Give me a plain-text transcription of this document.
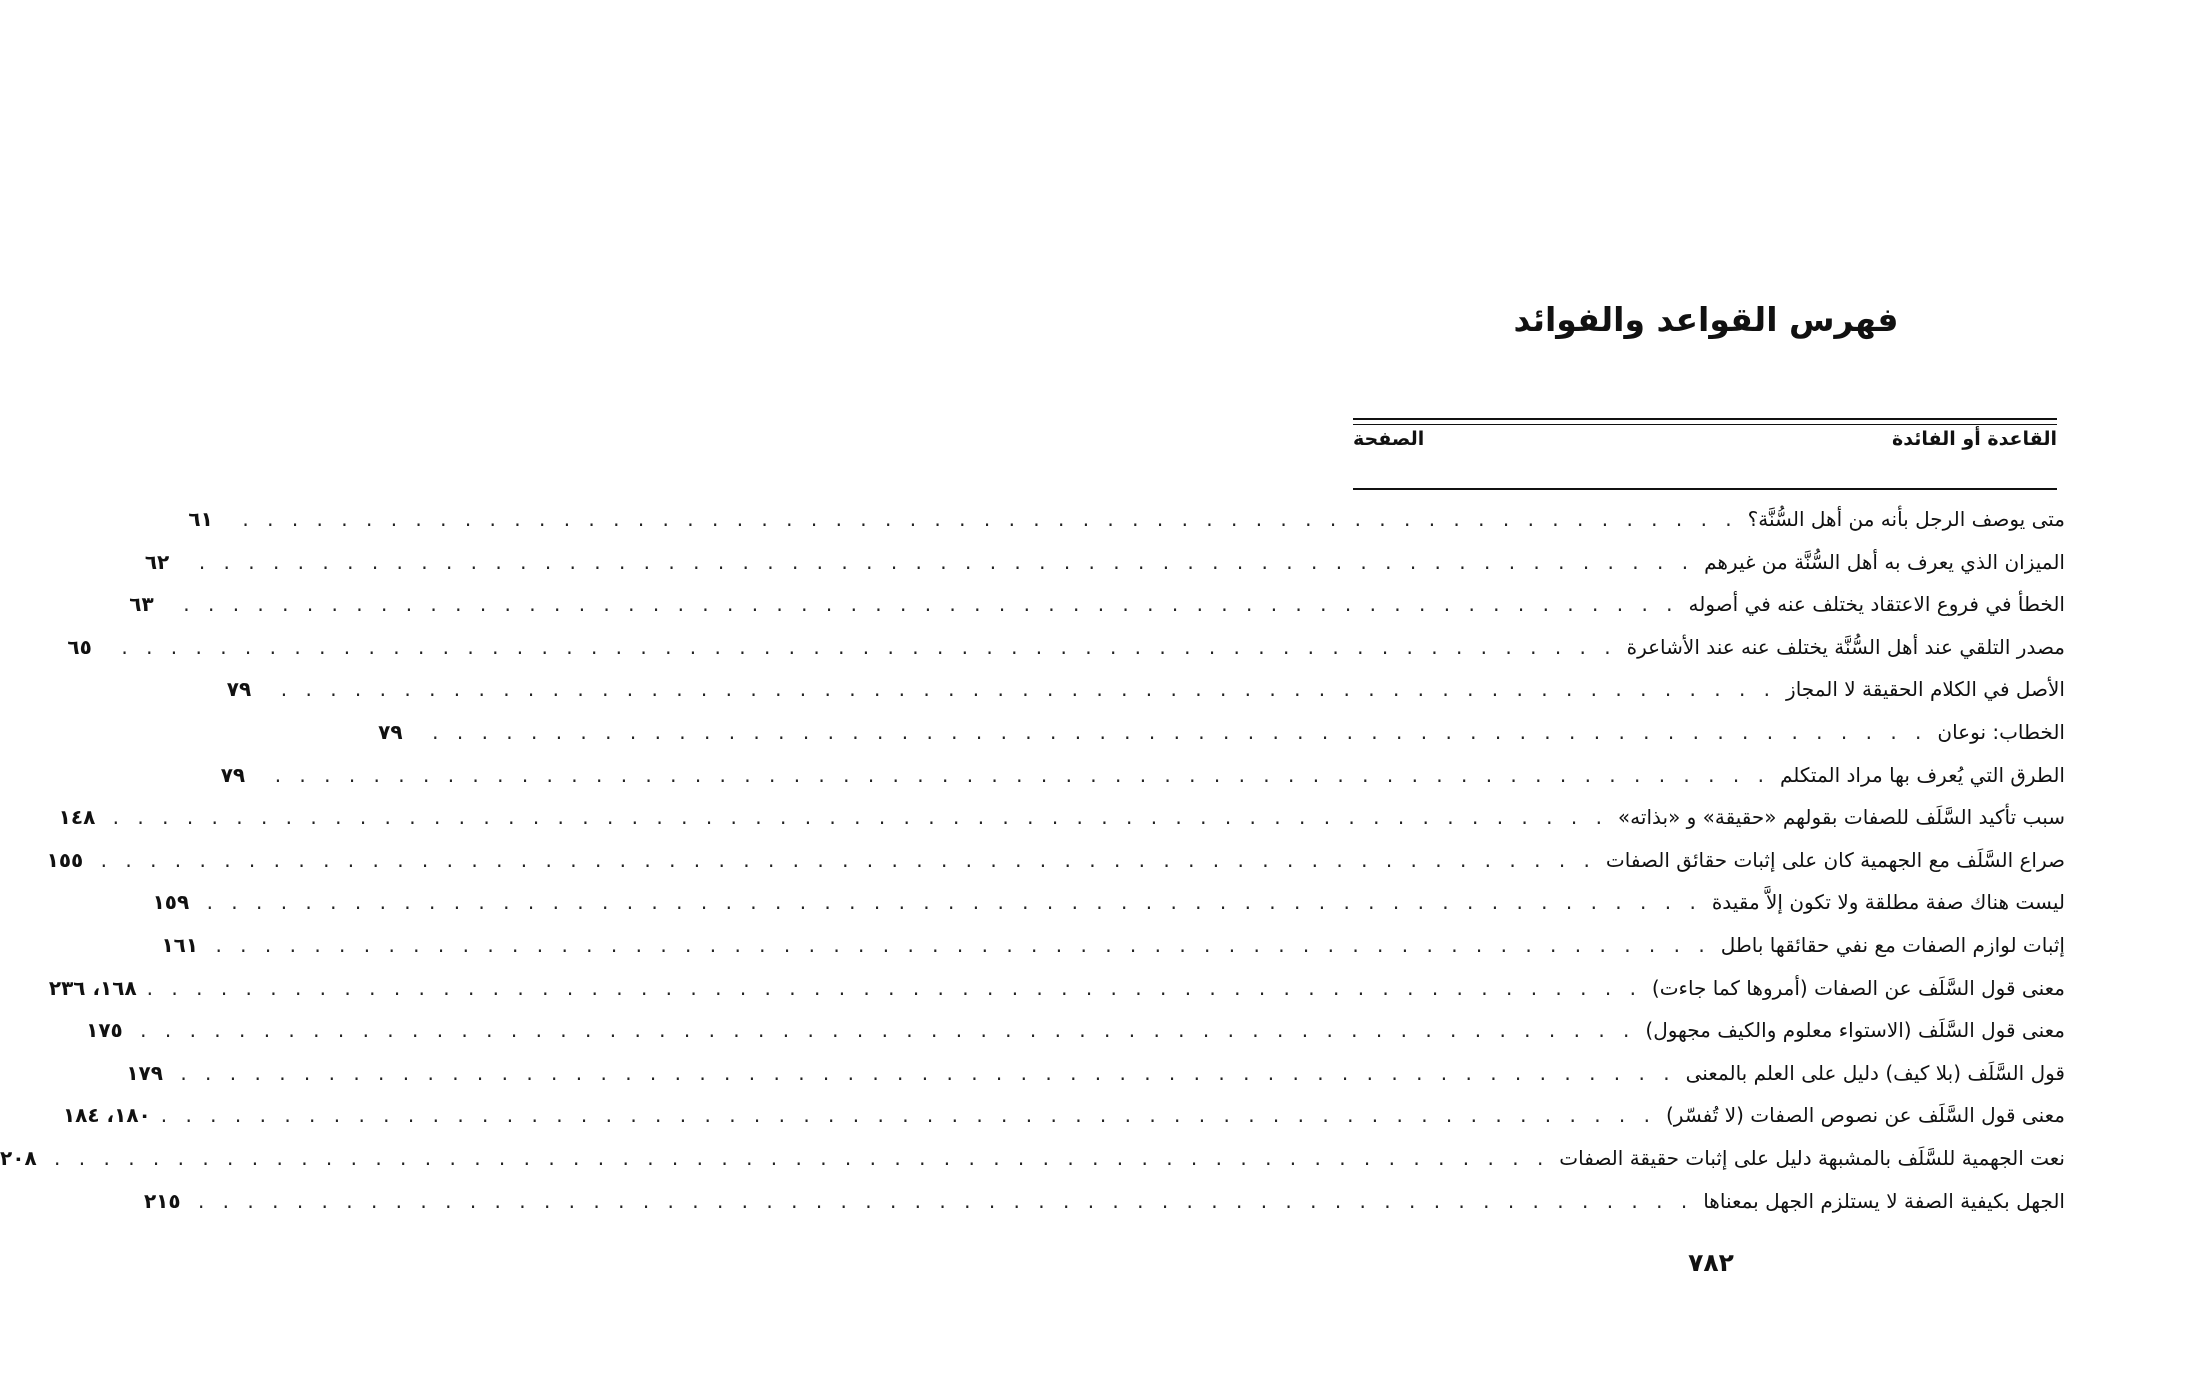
فهرس القواعد والفوائد
القاعدة أو الفائدة
الصفحة
متى يوصف الرجل بأنه من أهل السُّنَّة؟
. . . . . . . . . . . . . . . . . . . . . . . . . . . . . . . . . . . . . . . . . . . . . . . . . . . . . . . . . . . . .
٦١
الميزان الذي يعرف به أهل السُّنَّة من غيرهم
. . . . . . . . . . . . . . . . . . . . . . . . . . . . . . . . . . . . . . . . . . . . . . . . . . . . . . . . . . . . .
٦٢
الخطأ في فروع الاعتقاد يختلف عنه في أصوله
. . . . . . . . . . . . . . . . . . . . . . . . . . . . . . . . . . . . . . . . . . . . . . . . . . . . . . . . . . . . .
٦٣
مصدر التلقي عند أهل السُّنَّة يختلف عنه عند الأشاعرة
. . . . . . . . . . . . . . . . . . . . . . . . . . . . . . . . . . . . . . . . . . . . . . . . . . . . . . . . . . . . .
٦٥
الأصل في الكلام الحقيقة لا المجاز
. . . . . . . . . . . . . . . . . . . . . . . . . . . . . . . . . . . . . . . . . . . . . . . . . . . . . . . . . . . . .
٧٩
الخطاب: نوعان
. . . . . . . . . . . . . . . . . . . . . . . . . . . . . . . . . . . . . . . . . . . . . . . . . . . . . . . . . . . . .
٧٩
الطرق التي يُعرف بها مراد المتكلم
. . . . . . . . . . . . . . . . . . . . . . . . . . . . . . . . . . . . . . . . . . . . . . . . . . . . . . . . . . . . .
٧٩
سبب تأكيد السَّلَف للصفات بقولهم «حقيقة» و «بذاته»
. . . . . . . . . . . . . . . . . . . . . . . . . . . . . . . . . . . . . . . . . . . . . . . . . . . . . . . . . . . . .
١٤٨
صراع السَّلَف مع الجهمية كان على إثبات حقائق الصفات
. . . . . . . . . . . . . . . . . . . . . . . . . . . . . . . . . . . . . . . . . . . . . . . . . . . . . . . . . . . . .
١٥٥
ليست هناك صفة مطلقة ولا تكون إلاَّ مقيدة
. . . . . . . . . . . . . . . . . . . . . . . . . . . . . . . . . . . . . . . . . . . . . . . . . . . . . . . . . . . . .
١٥٩
إثبات لوازم الصفات مع نفي حقائقها باطل
. . . . . . . . . . . . . . . . . . . . . . . . . . . . . . . . . . . . . . . . . . . . . . . . . . . . . . . . . . . . .
١٦١
معنى قول السَّلَف عن الصفات (أمروها كما جاءت)
. . . . . . . . . . . . . . . . . . . . . . . . . . . . . . . . . . . . . . . . . . . . . . . . . . . . . . . . . . . . .
١٦٨، ٢٣٦
معنى قول السَّلَف (الاستواء معلوم والكيف مجهول)
. . . . . . . . . . . . . . . . . . . . . . . . . . . . . . . . . . . . . . . . . . . . . . . . . . . . . . . . . . . . .
١٧٥
قول السَّلَف (بلا كيف) دليل على العلم بالمعنى
. . . . . . . . . . . . . . . . . . . . . . . . . . . . . . . . . . . . . . . . . . . . . . . . . . . . . . . . . . . . .
١٧٩
معنى قول السَّلَف عن نصوص الصفات (لا تُفسّر)
. . . . . . . . . . . . . . . . . . . . . . . . . . . . . . . . . . . . . . . . . . . . . . . . . . . . . . . . . . . . .
١٨٠، ١٨٤
نعت الجهمية للسَّلَف بالمشبهة دليل على إثبات حقيقة الصفات
. . . . . . . . . . . . . . . . . . . . . . . . . . . . . . . . . . . . . . . . . . . . . . . . . . . . . . . . . . . . .
٢٠٨
الجهل بكيفية الصفة لا يستلزم الجهل بمعناها
. . . . . . . . . . . . . . . . . . . . . . . . . . . . . . . . . . . . . . . . . . . . . . . . . . . . . . . . . . . . .
٢١٥
٧٨٢
